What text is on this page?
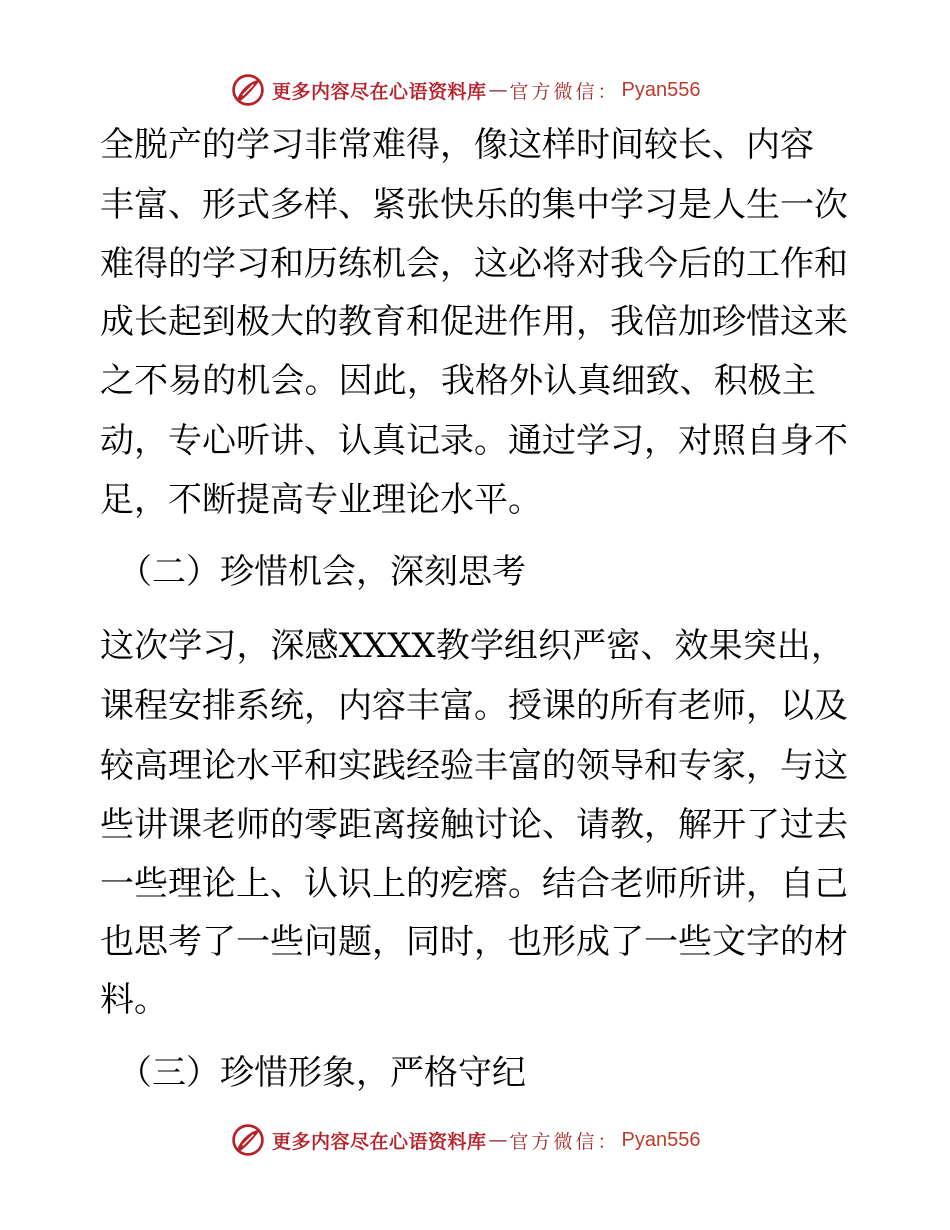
更多内容尽在心语资料库 — 官方微信： Pyan556
全脱产的学习非常难得，像这样时间较长、内容
丰 富 、 形 式 多 样 、 紧 张 快 乐 的 集 中 学 习 是 人 生 一 次
难 得 的 学 习 和 历 练 机 会 ， 这 必 将 对 我 今 后 的 工 作 和
成 长 起 到 极 大 的 教 育 和 促 进 作 用 ， 我 倍 加 珍 惜 这 来
之 不 易 的 机 会 。 因 此 ， 我 格 外 认 真 细 致 、 积 极 主
动 ， 专 心 听 讲 、 认 真 记 录 。 通 过 学 习 ， 对 照 自 身 不
足，不断提高专业理论水平。
（二）珍惜机会，深刻思考
这 次 学 习 ， 深 感 XXXX 教 学 组 织 严 密 、 效 果 突 出 ，
课 程 安 排 系 统 ， 内 容 丰 富 。 授 课 的 所 有 老 师 ， 以 及
较 高 理 论 水 平 和 实 践 经 验 丰 富 的 领 导 和 专 家 ， 与 这
些 讲 课 老 师 的 零 距 离 接 触 讨 论 、 请 教 ， 解 开 了 过 去
一 些 理 论 上 、 认 识 上 的 疙 瘩 。 结 合 老 师 所 讲 ， 自 己
也 思 考 了 一 些 问 题 ， 同 时 ， 也 形 成 了 一 些 文 字 的 材
料。
（三）珍惜形象，严格守纪
更多内容尽在心语资料库 — 官方微信： Pyan556
